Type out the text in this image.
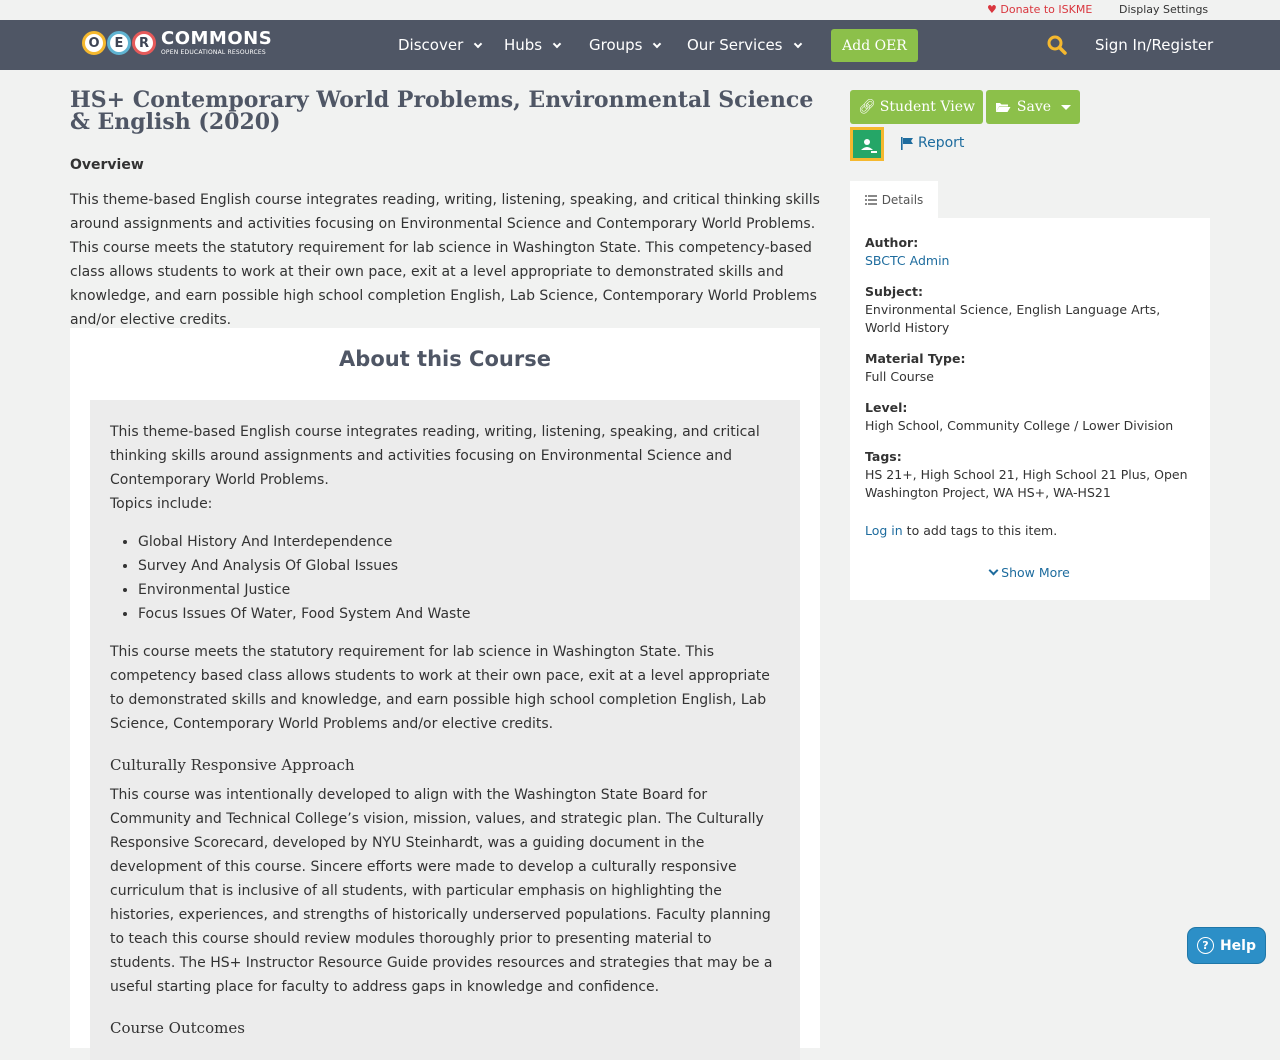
♥ Donate to ISKME Display Settings
O	E	R COMMONS
OPEN EDUCATIONAL RESOURCES	Discover	Hubs	Groups	Our Services	Add OER	Sign In/Register
HS+ Contemporary World Problems, Environmental Science & English (2020)
Overview

This theme-based English course integrates reading, writing, listening, speaking, and critical thinking skills around assignments and activities focusing on Environmental Science and Contemporary World Problems. This course meets the statutory requirement for lab science in Washington State. This competency-based class allows students to work at their own pace, exit at a level appropriate to demonstrated skills and knowledge, and earn possible high school completion English, Lab Science, Contemporary World Problems and/or elective credits.

About this Course

This theme-based English course integrates reading, writing, listening, speaking, and critical thinking skills around assignments and activities focusing on Environmental Science and Contemporary World Problems.

Topics include:

• Global History And Interdependence
• Survey And Analysis Of Global Issues
• Environmental Justice
• Focus Issues Of Water, Food System And Waste

This course meets the statutory requirement for lab science in Washington State. This competency based class allows students to work at their own pace, exit at a level appropriate to demonstrated skills and knowledge, and earn possible high school completion English, Lab Science, Contemporary World Problems and/or elective credits.

Culturally Responsive Approach

This course was intentionally developed to align with the Washington State Board for Community and Technical College’s vision, mission, values, and strategic plan. The Culturally Responsive Scorecard, developed by NYU Steinhardt, was a guiding document in the development of this course. Sincere efforts were made to develop a culturally responsive curriculum that is inclusive of all students, with particular emphasis on highlighting the histories, experiences, and strengths of historically underserved populations. Faculty planning to teach this course should review modules thoroughly prior to presenting material to students. The HS+ Instructor Resource Guide provides resources and strategies that may be a useful starting place for faculty to address gaps in knowledge and confidence.

Course Outcomes
🔗︎ Student View	Save
Report
Details
Author:
SBCTC Admin
Subject:
Environmental Science, English Language Arts, World History
Material Type:
Full Course
Level:
High School, Community College / Lower Division
Tags:
HS 21+, High School 21, High School 21 Plus, Open Washington Project, WA HS+, WA-HS21
Log in to add tags to this item.
Show More
? Help
